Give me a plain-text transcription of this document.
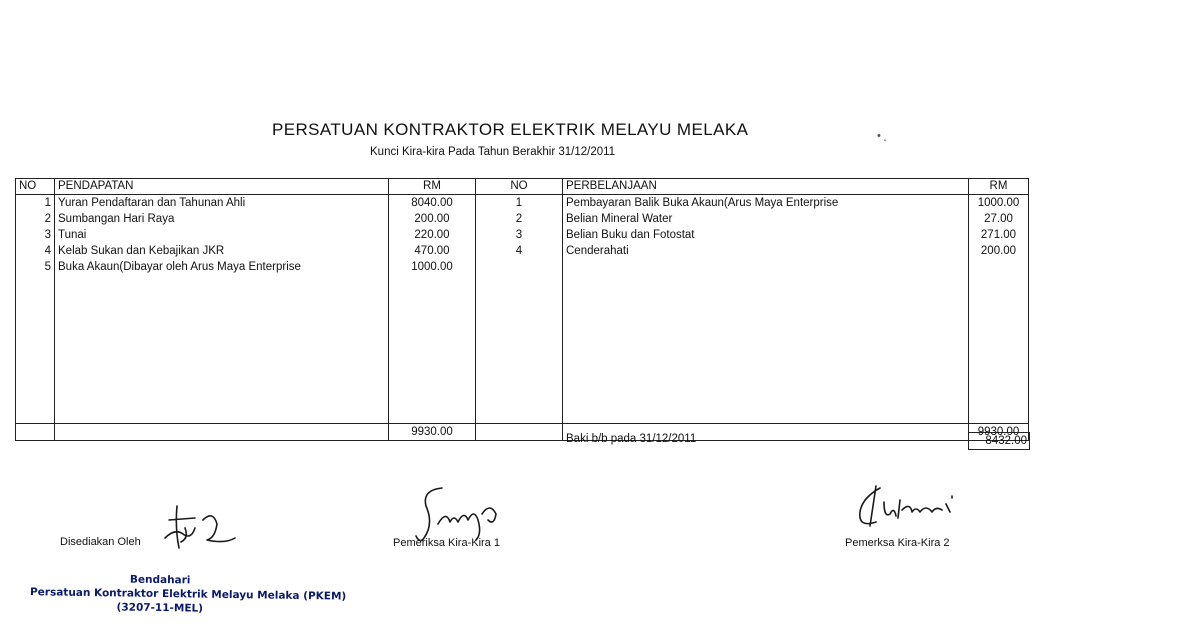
PERSATUAN KONTRAKTOR ELEKTRIK MELAYU MELAKA
Kunci Kira-kira Pada Tahun Berakhir 31/12/2011
• ˛
NO	PENDAPATAN	RM	NO	PERBELANJAAN	RM
1	Yuran Pendaftaran dan Tahunan Ahli	8040.00	1	Pembayaran Balik Buka Akaun(Arus Maya Enterprise	1000.00
2	Sumbangan Hari Raya	200.00	2	Belian Mineral Water	27.00
3	Tunai	220.00	3	Belian Buku dan Fotostat	271.00
4	Kelab Sukan dan Kebajikan JKR	470.00	4	Cenderahati	200.00
5	Buka Akaun(Dibayar oleh Arus Maya Enterprise	1000.00			

		9930.00			9930.00
Baki b/b pada 31/12/2011	8432.00
Disediakan Oleh	Pemeriksa Kira-Kira 1	Pemerksa Kira-Kira 2
Bendahari
Persatuan Kontraktor Elektrik Melayu Melaka (PKEM)
(3207-11-MEL)
